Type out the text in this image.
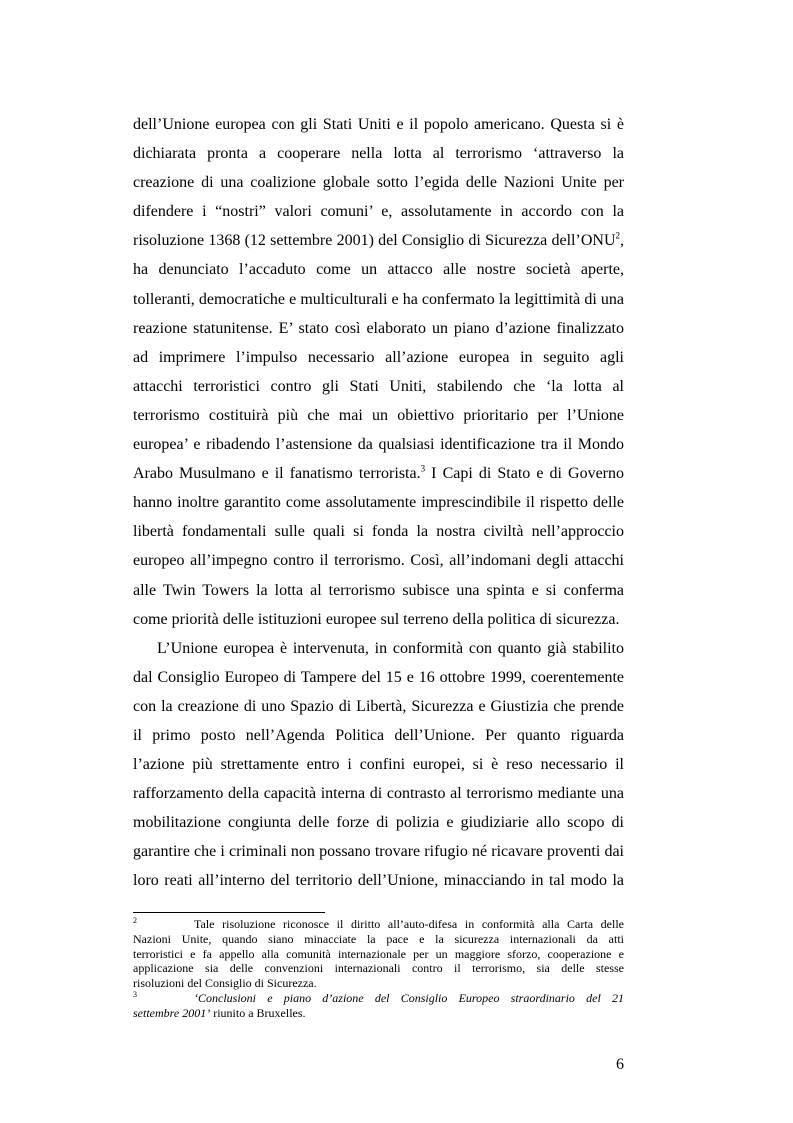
dell’Unione europea con gli Stati Uniti e il popolo americano. Questa si è
dichiarata pronta a cooperare nella lotta al terrorismo ‘attraverso la
creazione di una coalizione globale sotto l’egida delle Nazioni Unite per
difendere i “nostri” valori comuni’ e, assolutamente in accordo con la
risoluzione 1368 (12 settembre 2001) del Consiglio di Sicurezza dell’ONU$^2$,
ha denunciato l’accaduto come un attacco alle nostre società aperte,
tolleranti, democratiche e multiculturali e ha confermato la legittimità di una
reazione statunitense. E’ stato così elaborato un piano d’azione finalizzato
ad imprimere l’impulso necessario all’azione europea in seguito agli
attacchi terroristici contro gli Stati Uniti, stabilendo che ‘la lotta al
terrorismo costituirà più che mai un obiettivo prioritario per l’Unione
europea’ e ribadendo l’astensione da qualsiasi identificazione tra il Mondo
Arabo Musulmano e il fanatismo terrorista.$^3$ I Capi di Stato e di Governo
hanno inoltre garantito come assolutamente imprescindibile il rispetto delle
libertà fondamentali sulle quali si fonda la nostra civiltà nell’approccio
europeo all’impegno contro il terrorismo. Così, all’indomani degli attacchi
alle Twin Towers la lotta al terrorismo subisce una spinta e si conferma
come priorità delle istituzioni europee sul terreno della politica di sicurezza.
L’Unione europea è intervenuta, in conformità con quanto già stabilito
dal Consiglio Europeo di Tampere del 15 e 16 ottobre 1999, coerentemente
con la creazione di uno Spazio di Libertà, Sicurezza e Giustizia che prende
il primo posto nell’Agenda Politica dell’Unione. Per quanto riguarda
l’azione più strettamente entro i confini europei, si è reso necessario il
rafforzamento della capacità interna di contrasto al terrorismo mediante una
mobilitazione congiunta delle forze di polizia e giudiziarie allo scopo di
garantire che i criminali non possano trovare rifugio né ricavare proventi dai
loro reati all’interno del territorio dell’Unione, minacciando in tal modo la
$^2$	Tale risoluzione riconosce il diritto all’auto-difesa in conformità alla Carta delle
Nazioni Unite, quando siano minacciate la pace e la sicurezza internazionali da atti
terroristici e fa appello alla comunità internazionale per un maggiore sforzo, cooperazione e
applicazione sia delle convenzioni internazionali contro il terrorismo, sia delle stesse
risoluzioni del Consiglio di Sicurezza.
$^3$	‘Conclusioni e piano d’azione del Consiglio Europeo straordinario del 21
settembre 2001’ riunito a Bruxelles.
6
